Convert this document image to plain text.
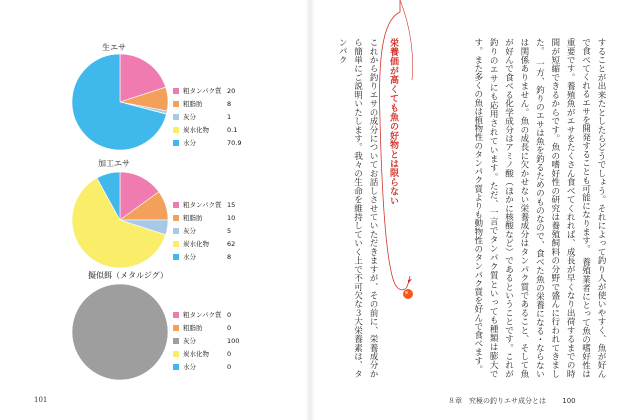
生エサ
粗タンパク質 20
粗脂肪	8
灰分	1
炭水化物	0.1
水分	70.9
加工エサ
粗タンパク質 15
粗脂肪	10
灰分	5
炭水化物	62
水分	8
擬似餌（メタルジグ）
粗タンパク質 0
粗脂肪	0
灰分	100
炭水化物	0
水分	0
101
することが出来たとしたらどうでしょう。それによって釣り人が使いやすく、魚が好んで食べてくれるエサを開発することも可能になります。　養殖業者にとって魚の嗜好性は重要です。養殖魚がエサをたくさん食べてくれれば、成長が早くなり出荷するまでの時間が短縮できるからです。魚の嗜好性の研究は養殖飼料の分野で盛んに行われてきました。　一方、釣りのエサは魚を釣るためのものなので、食べた魚の栄養になる・ならないは関係ありません。魚の成長に欠かせない栄養成分はタンパク質であること、そして魚が好んで食べる化学成分はアミノ酸（ほかに核酸など）であるということです。これが釣りのエサにも応用されています。ただ、一言でタンパク質といっても種類は膨大です。また多くの魚は植物性のタンパク質よりも動物性のタンパク質を好んで食べます。
栄養価が高くても魚の好物とは限らない
これから釣りエサの成分についてお話しさせていただきますが、その前に、栄養成分から簡単にご説明いたします。我々の生命を維持していく上で不可欠な３大栄養素は、タンパク
８章　究極の釣りエサ成分とは 100
